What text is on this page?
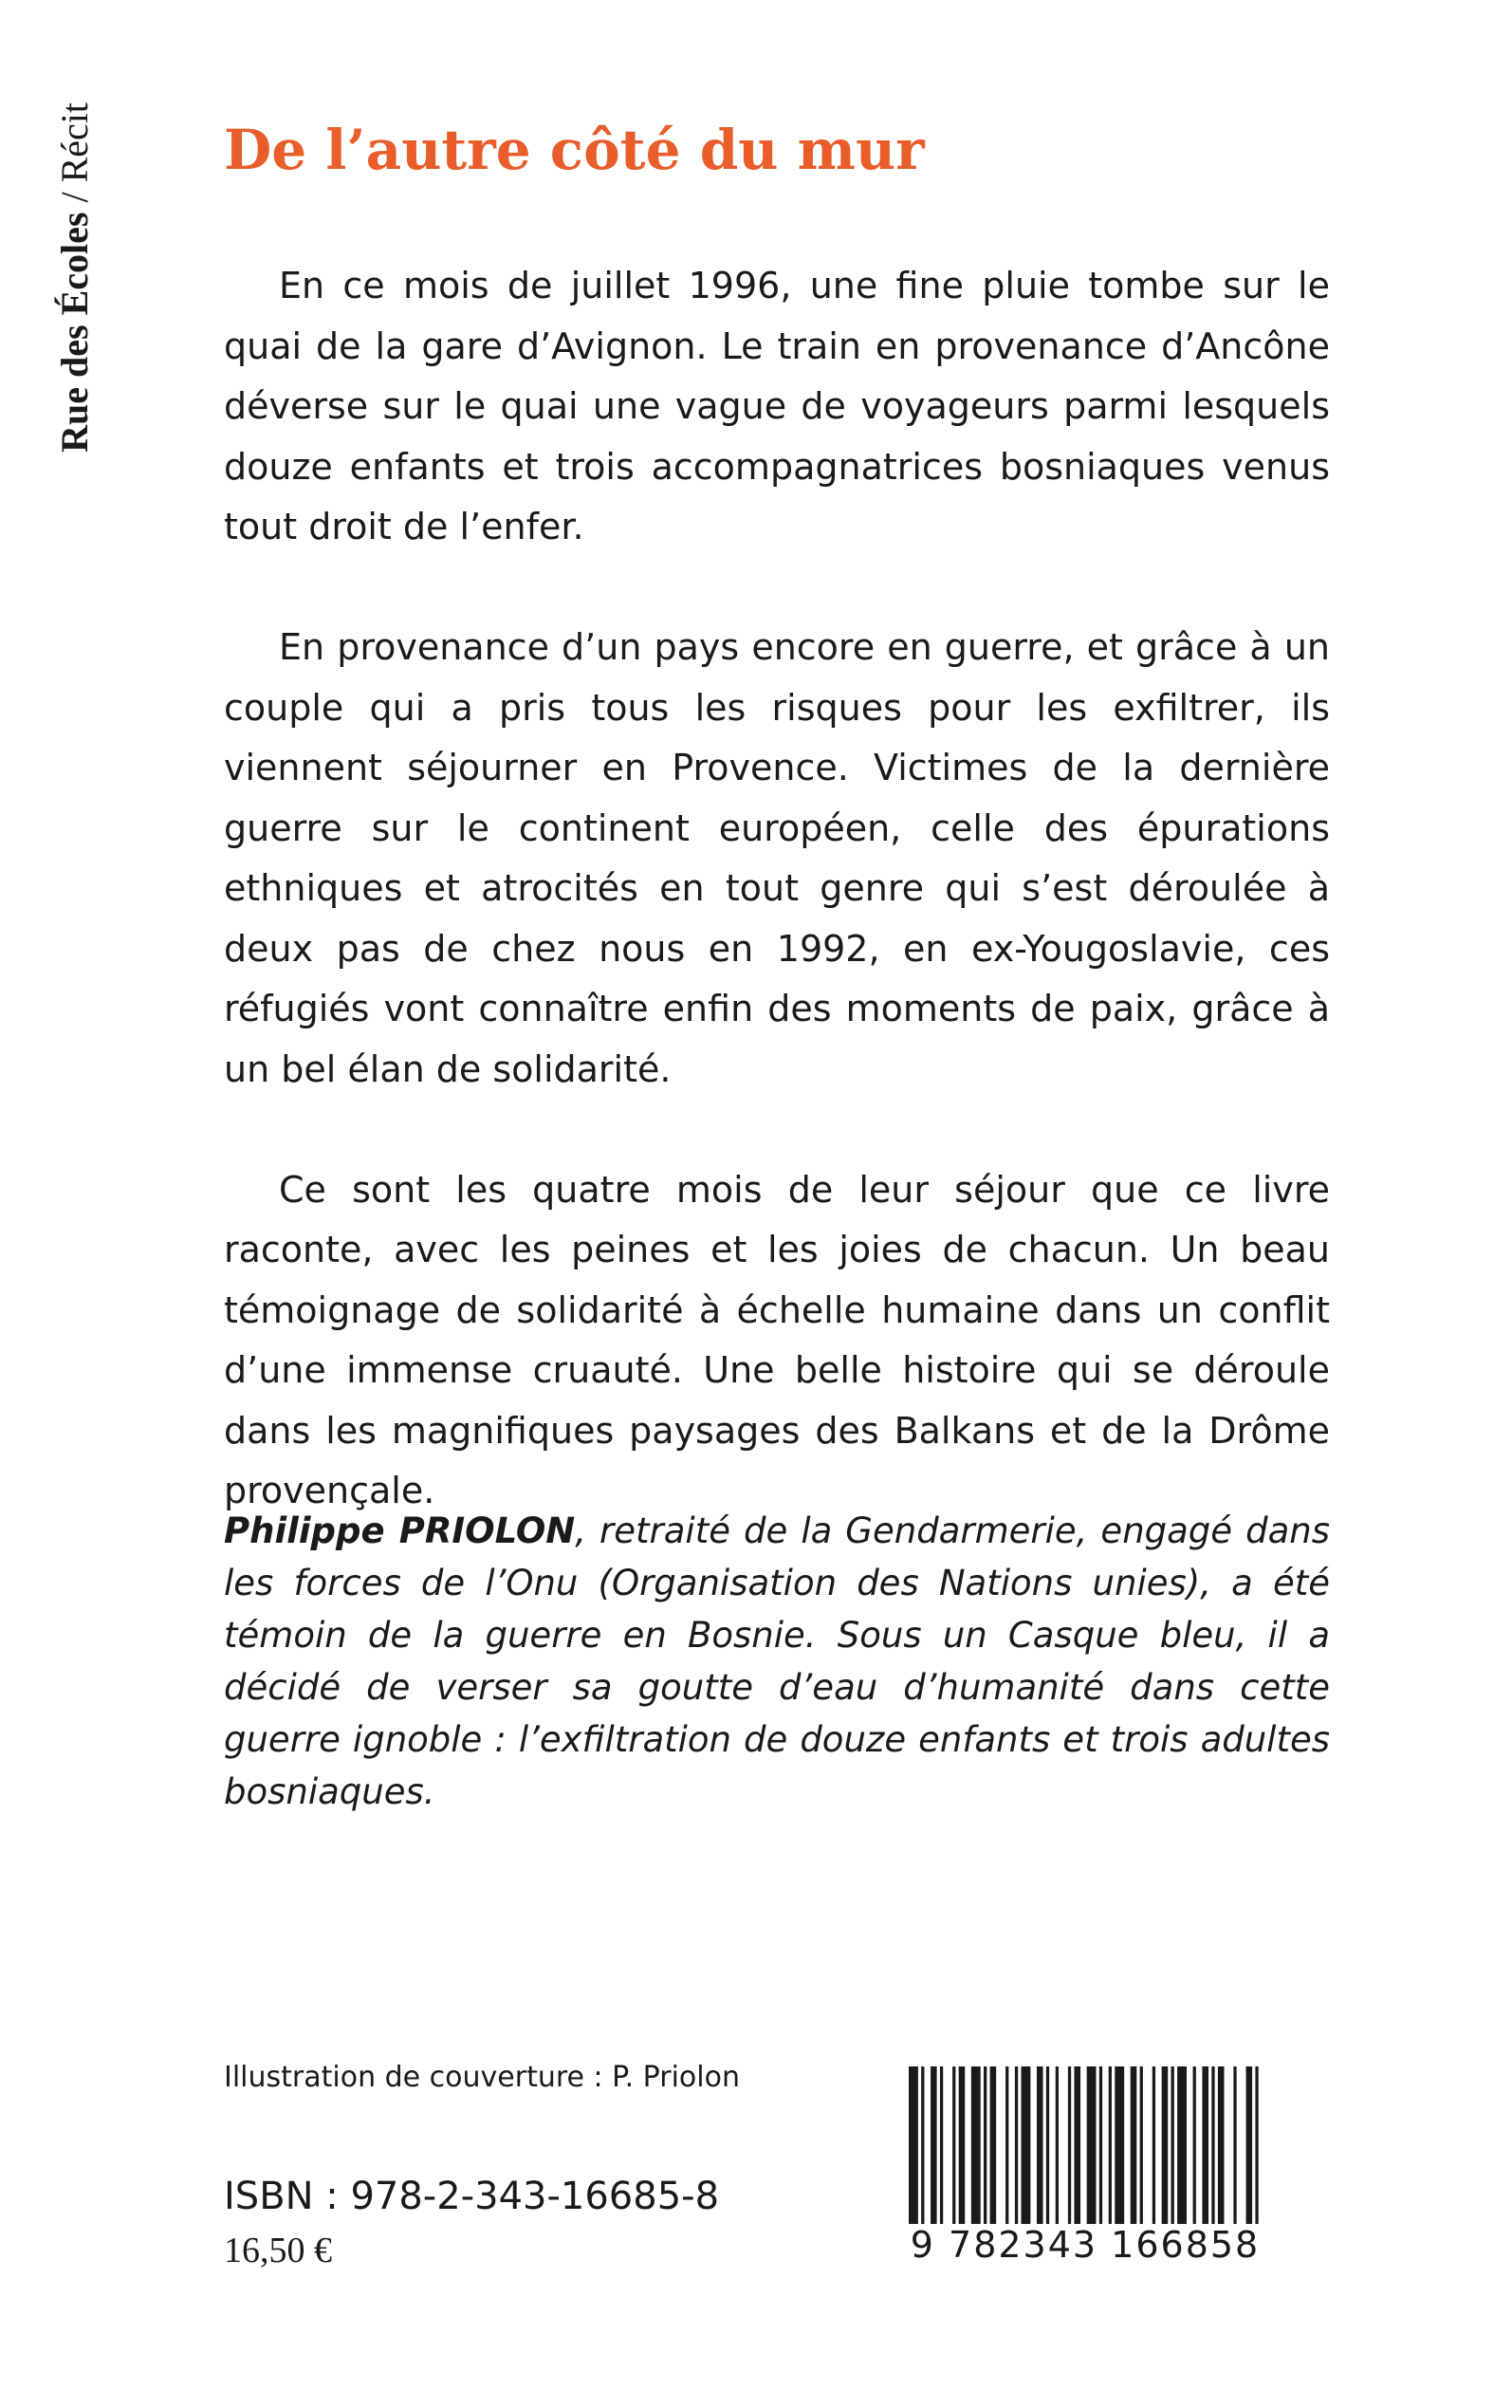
Rue des Écoles
/
Récit De l’autre côté du mur

En ce mois de juillet 1996, une fine pluie tombe sur le quai de la gare d’Avignon. Le train en provenance d’Ancône déverse sur le quai une vague de voyageurs parmi lesquels douze enfants et trois accompagnatrices bosniaques venus tout droit de l’enfer.

En provenance d’un pays encore en guerre, et grâce à un couple qui a pris tous les risques pour les exfiltrer, ils viennent séjourner en Provence. Victimes de la dernière guerre sur le continent européen, celle des épurations ethniques et atrocités en tout genre qui s’est déroulée à deux pas de chez nous en 1992, en ex-Yougoslavie, ces réfugiés vont connaître enfin des moments de paix, grâce à un bel élan de solidarité.

Ce sont les quatre mois de leur séjour que ce livre raconte, avec les peines et les joies de chacun. Un beau témoignage de solidarité à échelle humaine dans un conflit d’une immense cruauté. Une belle histoire qui se déroule dans les magnifiques paysages des Balkans et de la Drôme provençale.

Philippe PRIOLON, retraité de la Gendarmerie, engagé dans les forces de l’Onu (Organisation des Nations unies), a été témoin de la guerre en Bosnie. Sous un Casque bleu, il a décidé de verser sa goutte d’eau d’humanité dans cette guerre ignoble : l’exfiltration de douze enfants et trois adultes bosniaques.
Illustration de couverture : P. Priolon
ISBN : 978-2-343-16685-8
16,50 €	9 782343 166858
